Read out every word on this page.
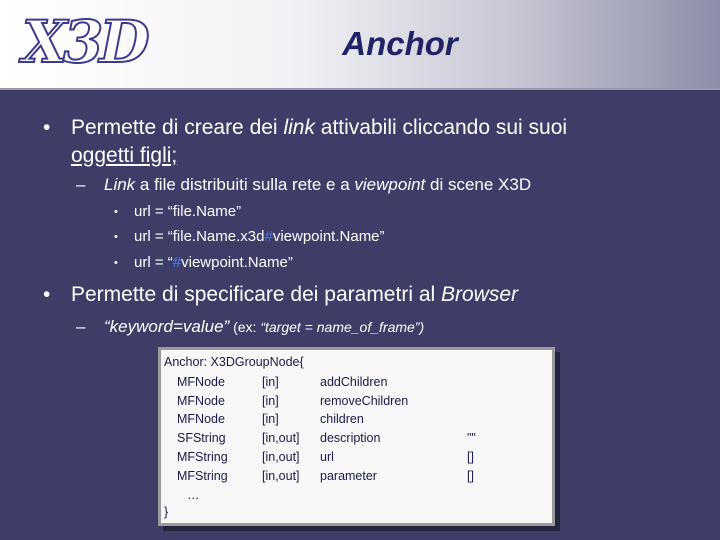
X3D	Anchor
• Permette di creare dei link attivabili cliccando sui suoi
oggetti figli;
– Link a file distribuiti sulla rete e a viewpoint di scene X3D
• url = “file.Name”
• url = “file.Name.x3d#viewpoint.Name”
• url = “#viewpoint.Name”
• Permette di specificare dei parametri al Browser
– “keyword=value” (ex: “target = name_of_frame”)
Anchor: X3DGroupNode{
MFNode	[in]	addChildren
MFNode	[in]	removeChildren
MFNode	[in]	children
SFString	[in,out] description	""
MFString	[in,out] url	[]
MFString	[in,out] parameter	[]
…
}
